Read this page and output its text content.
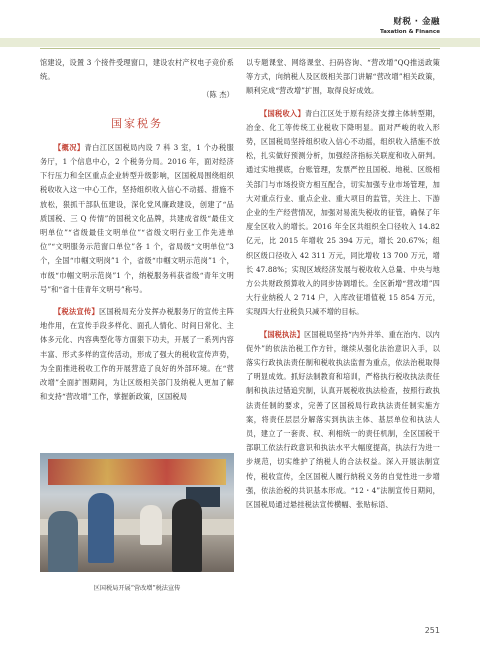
财税 · 金融
Taxation & Finance

馆建设，设置 3 个接件受理窗口，建设农村产权电子竞价系统。

（陈 杰）
国家税务

【概况】青白江区国税局内设 7 科 3 室，1 个办税服务厅，1 个信息中心，2 个税务分局。2016 年，面对经济下行压力和全区重点企业转型升级影响，区国税局围绕组织税收收入这一中心工作，坚持组织收入信心不动摇、措施不放松，狠抓干部队伍建设，深化党风廉政建设，创建了“品质国税、三 Q 传情”的国税文化品牌，共建成省级“最佳文明单位”“省级最佳文明单位”“省级文明行业工作先进单位”“文明服务示范窗口单位”各 1 个，省局级“文明单位”3 个，全国“巾帼文明岗”1 个，省级“巾帼文明示范岗”1 个，市级“巾帼文明示范岗”1 个，纳税服务科获省级“青年文明号”和“省十佳青年文明号”称号。

【税法宣传】区国税局充分发挥办税服务厅的宣传主阵地作用，在宣传手段多样化、面孔人情化、时间日常化、主体多元化、内容典型化等方面狠下功夫，开展了一系列内容丰富、形式多样的宣传活动，形成了强大的税收宣传声势，为全面推进税收工作的开展营造了良好的外部环境。在“营改增”全面扩围期间，为让区级相关部门及纳税人更加了解和支持“营改增”工作，掌握新政策，区国税局

区国税局开展“营改增”税法宣传

以专题课堂、网络课堂、扫码咨询、“营改增”QQ推送政策等方式，向纳税人及区级相关部门讲解“营改增”相关政策，顺利完成“营改增”扩围，取得良好成效。

【国税收入】青白江区处于原有经济支撑主体转型期，冶金、化工等传统工业税收下降明显。面对严峻的收入形势，区国税局坚持组织收入信心不动摇，组织收入措施不放松，扎实做好预测分析，加强经济指标关联度和收入研判。通过实地摸底，台账管理，发票严控且国税、地税、区级相关部门与市场投资方相互配合，切实加强专业市场管理，加大对重点行业、重点企业、重大项目的监管，关注上、下游企业的生产经营情况，加强对易流失税收的征管，确保了年度全区收入的增长。2016 年全区共组织全口径收入 14.82 亿元，比 2015 年增收 25 394 万元，增长 20.67%；组织区级口径收入 42 311 万元，同比增收 13 700 万元，增长 47.88%；实现区域经济发展与税收收入总量、中央与地方公共财政预算收入的同步协调增长。全区新增“营改增”四大行业纳税人 2 714 户，入库改征增值税 15 854 万元，实现四大行业税负只减不增的目标。

【国税执法】区国税局坚持“内外并举、重在治内、以内促外”的依法治税工作方针，继续从强化法治意识入手，以落实行政执法责任制和税收执法监督为重点，依法治税取得了明显成效。抓好法制教育和培训，严格执行税收执法责任制和执法过错追究制，认真开展税收执法检查，按照行政执法责任制的要求，完善了区国税局行政执法责任制实施方案，将责任层层分解落实到执法主体、基层单位和执法人员，建立了一套责、权、利相统一的责任机制，全区国税干部职工依法行政意识和执法水平大幅度提高，执法行为进一步规范，切实维护了纳税人的合法权益。深入开展法制宣传，税收宣传，全区国税人履行纳税义务的自觉性进一步增强，依法治税的共识基本形成。“12・4”法制宣传日期间，区国税局通过悬挂税法宣传横幅、张贴标语、

251
